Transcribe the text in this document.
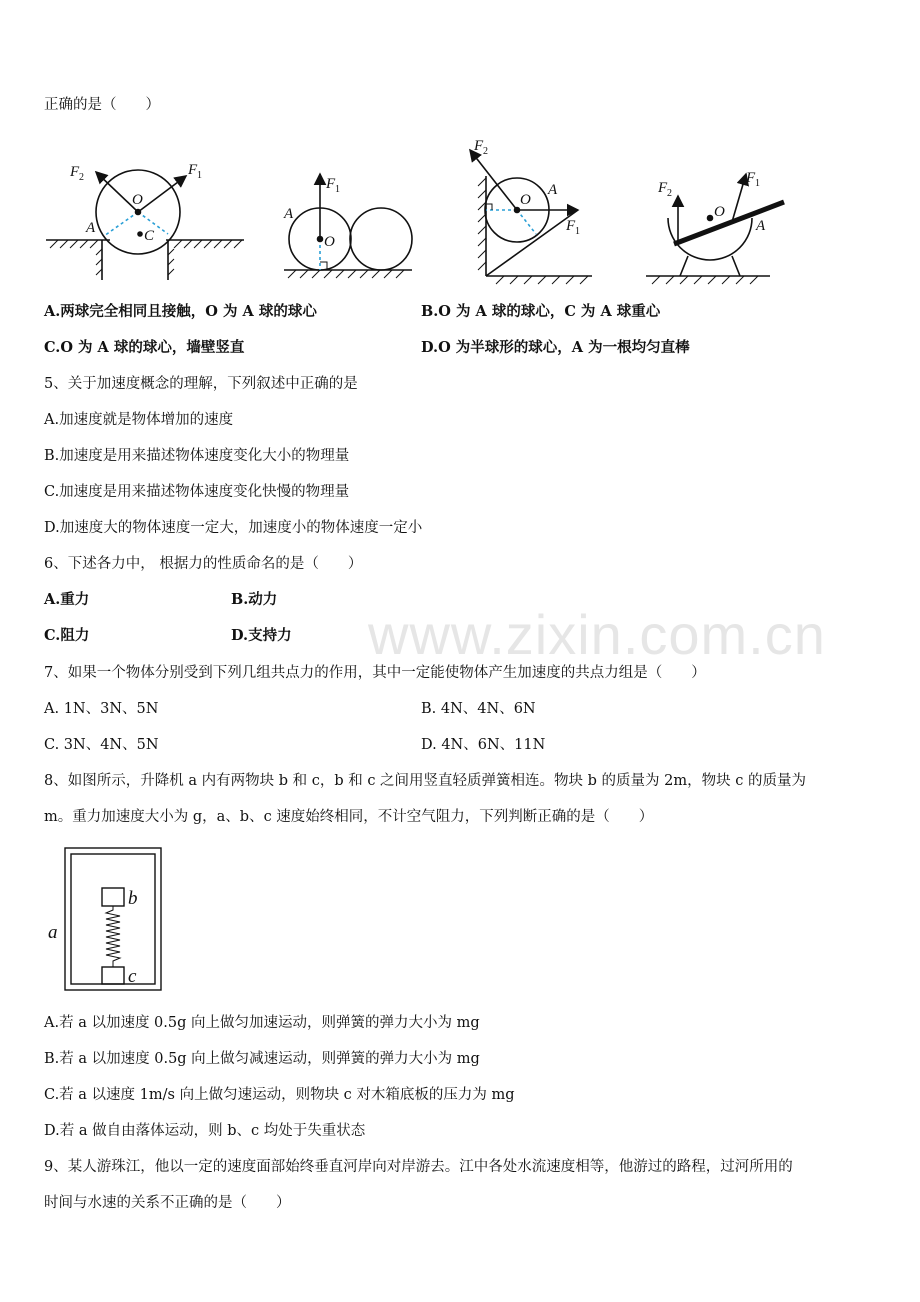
www.zixin.com.cn
正确的是（　　）
F 2	F 1
O
A	C
F 1
A
O
F 2
O
A
F 1
F 2
F 1
O
A
A.两球完全相同且接触，O 为 A 球的球心	B.O 为 A 球的球心，C 为 A 球重心
C.O 为 A 球的球心，墙壁竖直	D.O 为半球形的球心，A 为一根均匀直棒
5、关于加速度概念的理解，下列叙述中正确的是
A.加速度就是物体增加的速度
B.加速度是用来描述物体速度变化大小的物理量
C.加速度是用来描述物体速度变化快慢的物理量
D.加速度大的物体速度一定大，加速度小的物体速度一定小
6、下述各力中， 根据力的性质命名的是（　　）
A.重力	B.动力
C.阻力	D.支持力
7、如果一个物体分别受到下列几组共点力的作用，其中一定能使物体产生加速度的共点力组是（　　）
A. 1N、3N、5N	B. 4N、4N、6N
C. 3N、4N、5N	D. 4N、6N、11N
8、如图所示，升降机 a 内有两物块 b 和 c，b 和 c 之间用竖直轻质弹簧相连。物块 b 的质量为 2m，物块 c 的质量为
m。重力加速度大小为 g，a、b、c 速度始终相同，不计空气阻力，下列判断正确的是（　　）
a
b
c
A.若 a 以加速度 0.5g 向上做匀加速运动，则弹簧的弹力大小为 mg
B.若 a 以加速度 0.5g 向上做匀减速运动，则弹簧的弹力大小为 mg
C.若 a 以速度 1m/s 向上做匀速运动，则物块 c 对木箱底板的压力为 mg
D.若 a 做自由落体运动，则 b、c 均处于失重状态
9、某人游珠江，他以一定的速度面部始终垂直河岸向对岸游去。江中各处水流速度相等，他游过的路程，过河所用的
时间与水速的关系不正确的是（　　）
